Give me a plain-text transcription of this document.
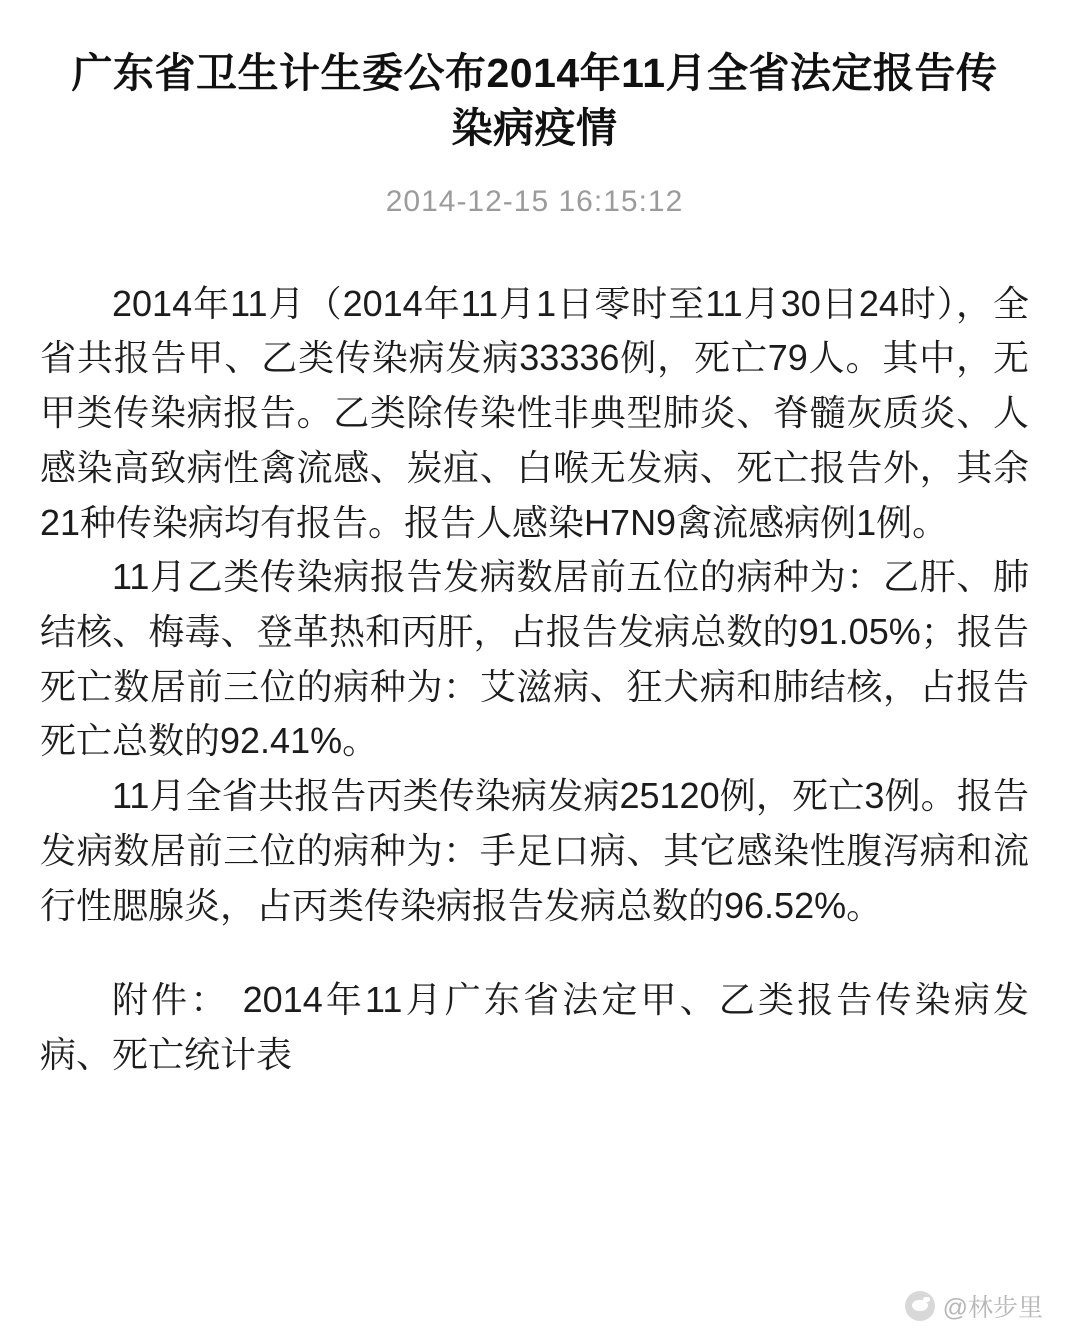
广东省卫生计生委公布2014年11月全省法定报告传染病疫情
2014-12-15 16:15:12

2014年11月（2014年11月1日零时至11月30日24时），全省共报告甲、乙类传染病发病33336例，死亡79人。其中，无甲类传染病报告。乙类除传染性非典型肺炎、脊髓灰质炎、人感染高致病性禽流感、炭疽、白喉无发病、死亡报告外，其余21种传染病均有报告。报告人感染H7N9禽流感病例1例。

11月乙类传染病报告发病数居前五位的病种为：乙肝、肺结核、梅毒、登革热和丙肝，占报告发病总数的91.05%；报告死亡数居前三位的病种为：艾滋病、狂犬病和肺结核，占报告死亡总数的92.41%。

11月全省共报告丙类传染病发病25120例，死亡3例。报告发病数居前三位的病种为：手足口病、其它感染性腹泻病和流行性腮腺炎，占丙类传染病报告发病总数的96.52%。

附件： 2014年11月广东省法定甲、乙类报告传染病发病、死亡统计表

@林步里
